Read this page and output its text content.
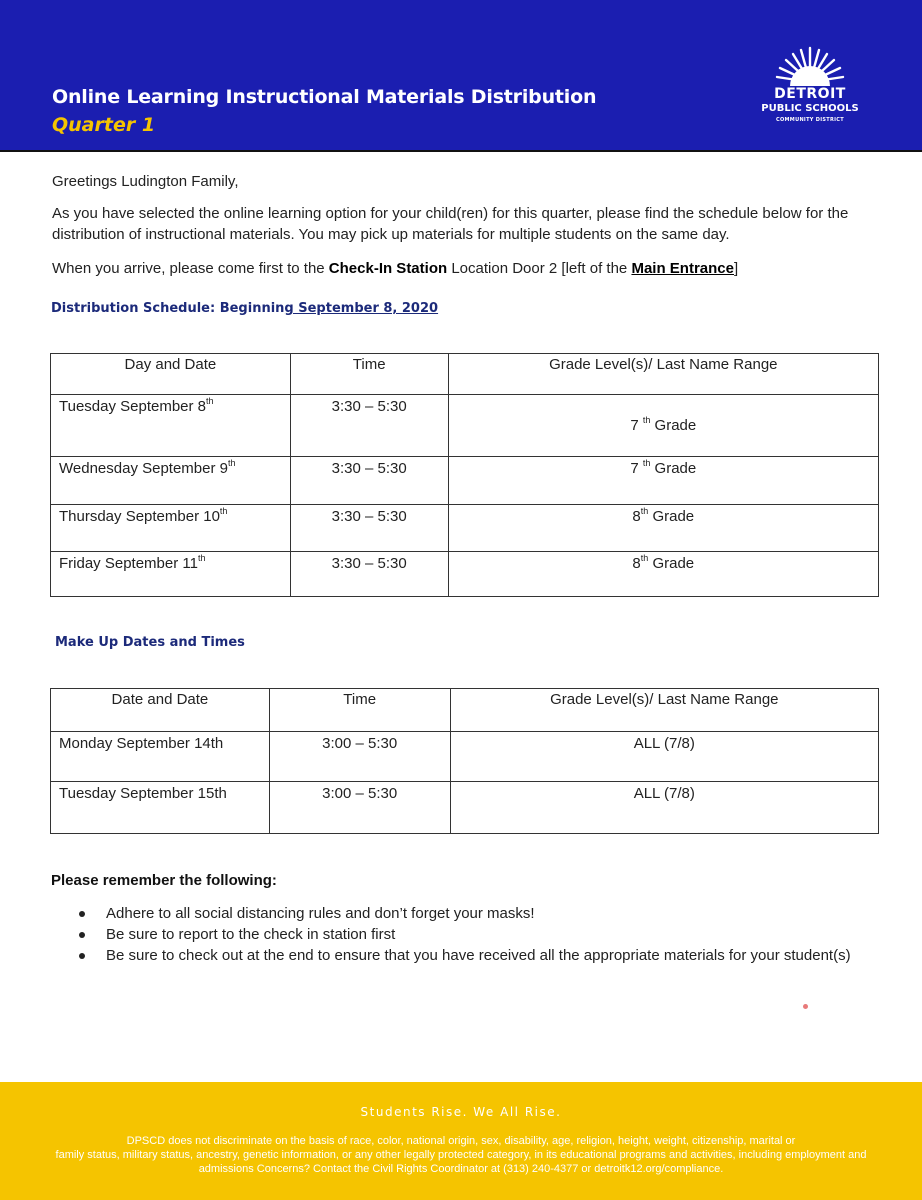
Online Learning Instructional Materials Distribution
Quarter 1
DETROIT
PUBLIC SCHOOLS
COMMUNITY DISTRICT
Greetings Ludington Family,
As you have selected the online learning option for your child(ren) for this quarter, please find the schedule below for the distribution of instructional materials. You may pick up materials for multiple students on the same day.
When you arrive, please come first to the Check-In Station Location Door 2 [left of the Main Entrance]
Distribution Schedule: Beginning September 8, 2020
Day and Date	Time	Grade Level(s)/ Last Name Range

Tuesday September 8th	3:30 – 5:30	7 $^{th}$ Grade

Wednesday September 9th	3:30 – 5:30	7 $^{th}$ Grade

Thursday September 10th	3:30 – 5:30	8th Grade

Friday September 11th	3:30 – 5:30	8th Grade
Make Up Dates and Times
Date and Date	Time	Grade Level(s)/ Last Name Range

Monday September 14th	3:00 – 5:30	ALL (7/8)

Tuesday September 15th	3:00 – 5:30	ALL (7/8)
Please remember the following:
Adhere to all social distancing rules and don’t forget your masks!
Be sure to report to the check in station first
Be sure to check out at the end to ensure that you have received all the appropriate materials for your student(s)
Students Rise. We All Rise.
DPSCD does not discriminate on the basis of race, color, national origin, sex, disability, age, religion, height, weight, citizenship, marital or
family status, military status, ancestry, genetic information, or any other legally protected category, in its educational programs and activities, including employment and
admissions Concerns? Contact the Civil Rights Coordinator at (313) 240-4377 or detroitk12.org/compliance.
